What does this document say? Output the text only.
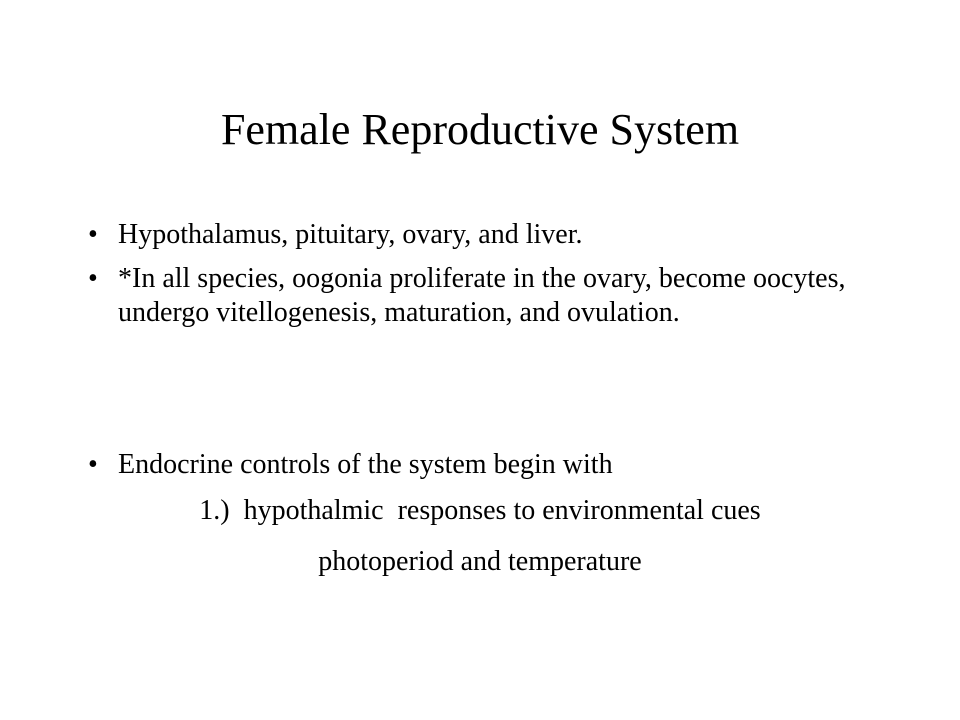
Female Reproductive System
• Hypothalamus, pituitary, ovary, and liver.
• *In all species, oogonia proliferate in the ovary, become oocytes, undergo vitellogenesis, maturation, and ovulation.
• Endocrine controls of the system begin with
1.)  hypothalmic  responses to environmental cues
photoperiod and temperature
